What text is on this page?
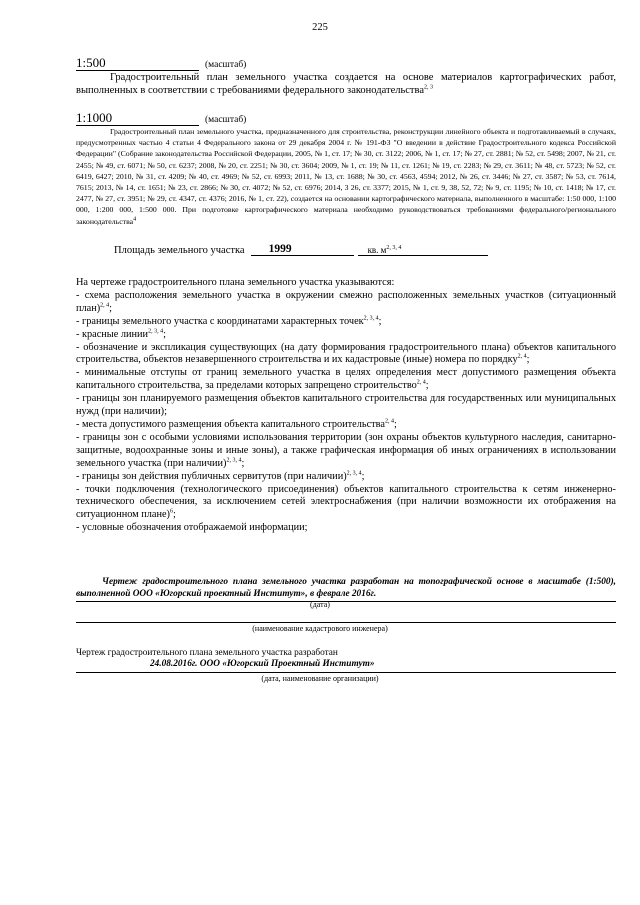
225
1:500	(масштаб)
Градостроительный план земельного участка создается на основе материалов картографических работ, выполненных в соответствии с требованиями федерального законодательства$^{2, 3}$
1:1000	(масштаб)
Градостроительный план земельного участка, предназначенного для строительства, реконструкции линейного объекта и подготавливаемый в случаях, предусмотренных частью 4 статьи 4 Федерального закона от 29 декабря 2004 г. № 191-ФЗ "О введении в действие Градостроительного кодекса Российской Федерации" (Собрание законодательства Российской Федерации, 2005, № 1, ст. 17; № 30, ст. 3122; 2006, № 1, ст. 17; № 27, ст. 2881; № 52, ст. 5498; 2007, № 21, ст. 2455; № 49, ст. 6071; № 50, ст. 6237; 2008, № 20, ст. 2251; № 30, ст. 3604; 2009, № 1, ст. 19; № 11, ст. 1261; № 19, ст. 2283; № 29, ст. 3611; № 48, ст. 5723; № 52, ст. 6419, 6427; 2010, № 31, ст. 4209; № 40, ст. 4969; № 52, ст. 6993; 2011, № 13, ст. 1688; № 30, ст. 4563, 4594; 2012, № 26, ст. 3446; № 27, ст. 3587; № 53, ст. 7614, 7615; 2013, № 14, ст. 1651; № 23, ст. 2866; № 30, ст. 4072; № 52, ст. 6976; 2014, 3 26, ст. 3377; 2015, № 1, ст. 9, 38, 52, 72; № 9, ст. 1195; № 10, ст. 1418; № 17, ст. 2477, № 27, ст. 3951; № 29, ст. 4347, ст. 4376; 2016, № 1, ст. 22), создается на основании картографического материала, выполненного в масштабе: 1:50 000, 1:100 000, 1:200 000, 1:500 000. При подготовке картографического материала необходимо руководствоваться требованиями федерального/регионального законодательства$^4$
Площадь земельного участка	1999	кв. $м^{2, 3, 4}$

На чертеже градостроительного плана земельного участка указываются:

- схема расположения земельного участка в окружении смежно расположенных земельных участков (ситуационный план)$^{2, 4}$;

- границы земельного участка с координатами характерных точек$^{2, 3, 4}$;

- красные линии$^{2, 3, 4}$;

- обозначение и экспликация существующих (на дату формирования градостроительного плана) объектов капитального строительства, объектов незавершенного строительства и их кадастровые (иные) номера по порядку$^{2, 4}$;

- минимальные отступы от границ земельного участка в целях определения мест допустимого размещения объекта капитального строительства, за пределами которых запрещено строительство$^{2, 4}$;

- границы зон планируемого размещения объектов капитального строительства для государственных или муниципальных нужд (при наличии);

- места допустимого размещения объекта капитального строительства$^{2, 4}$;

- границы зон с особыми условиями использования территории (зон охраны объектов культурного наследия, санитарно-защитные, водоохранные зоны и иные зоны), а также графическая информация об иных ограничениях в использовании земельного участка (при наличии)$^{2, 3, 4}$;

- границы зон действия публичных сервитутов (при наличии)$^{2, 3, 4}$;

- точки подключения (технологического присоединения) объектов капитального строительства к сетям инженерно-технического обеспечения, за исключением сетей электроснабжения (при наличии возможности их отображения на ситуационном плане)$^6$;

- условные обозначения отображаемой информации;

Чертеж градостроительного плана земельного участка разработан на топографической основе в масштабе (1:500), выполненной ООО «Югорский проектный Институт», в феврале 2016г.
(дата)
(наименование кадастрового инженера)
Чертеж градостроительного плана земельного участка разработан
24.08.2016г. ООО «Югорский Проектный Институт»
(дата, наименование организации)
